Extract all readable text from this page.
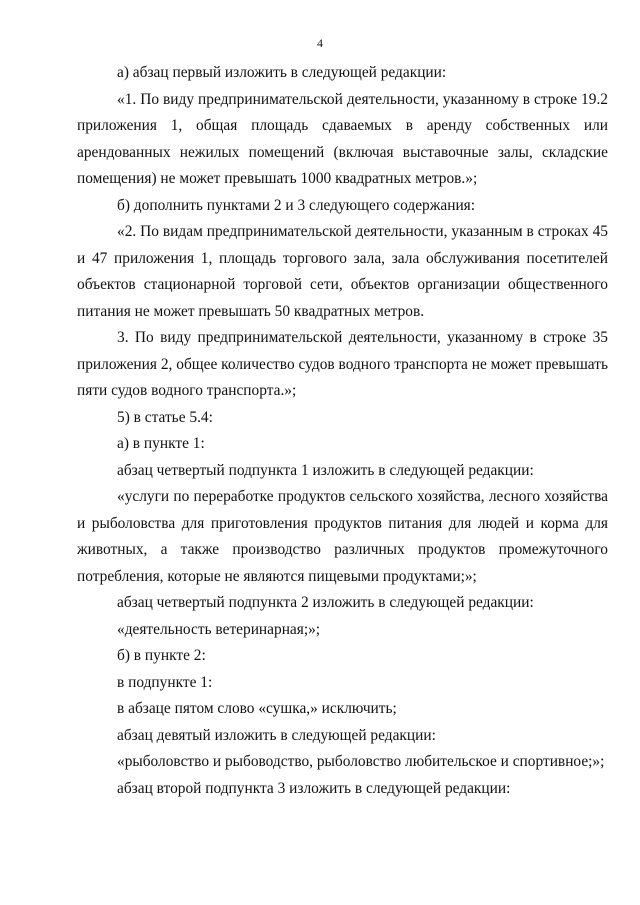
4

а) абзац первый изложить в следующей редакции:

«1. По виду предпринимательской деятельности, указанному в строке 19.2 приложения 1, общая площадь сдаваемых в аренду собственных или арендованных нежилых помещений (включая выставочные залы, складские помещения) не может превышать 1000 квадратных метров.»;

б) дополнить пунктами 2 и 3 следующего содержания:

«2. По видам предпринимательской деятельности, указанным в строках 45 и 47 приложения 1, площадь торгового зала, зала обслуживания посетителей объектов стационарной торговой сети, объектов организации общественного питания не может превышать 50 квадратных метров.

3. По виду предпринимательской деятельности, указанному в строке 35 приложения 2, общее количество судов водного транспорта не может превышать пяти судов водного транспорта.»;

5) в статье 5.4:

а) в пункте 1:

абзац четвертый подпункта 1 изложить в следующей редакции:

«услуги по переработке продуктов сельского хозяйства, лесного хозяйства и рыболовства для приготовления продуктов питания для людей и корма для животных, а также производство различных продуктов промежуточного потребления, которые не являются пищевыми продуктами;»;

абзац четвертый подпункта 2 изложить в следующей редакции:

«деятельность ветеринарная;»;

б) в пункте 2:

в подпункте 1:

в абзаце пятом слово «сушка,» исключить;

абзац девятый изложить в следующей редакции:

«рыболовство и рыбоводство, рыболовство любительское и спортивное;»;

абзац второй подпункта 3 изложить в следующей редакции:
